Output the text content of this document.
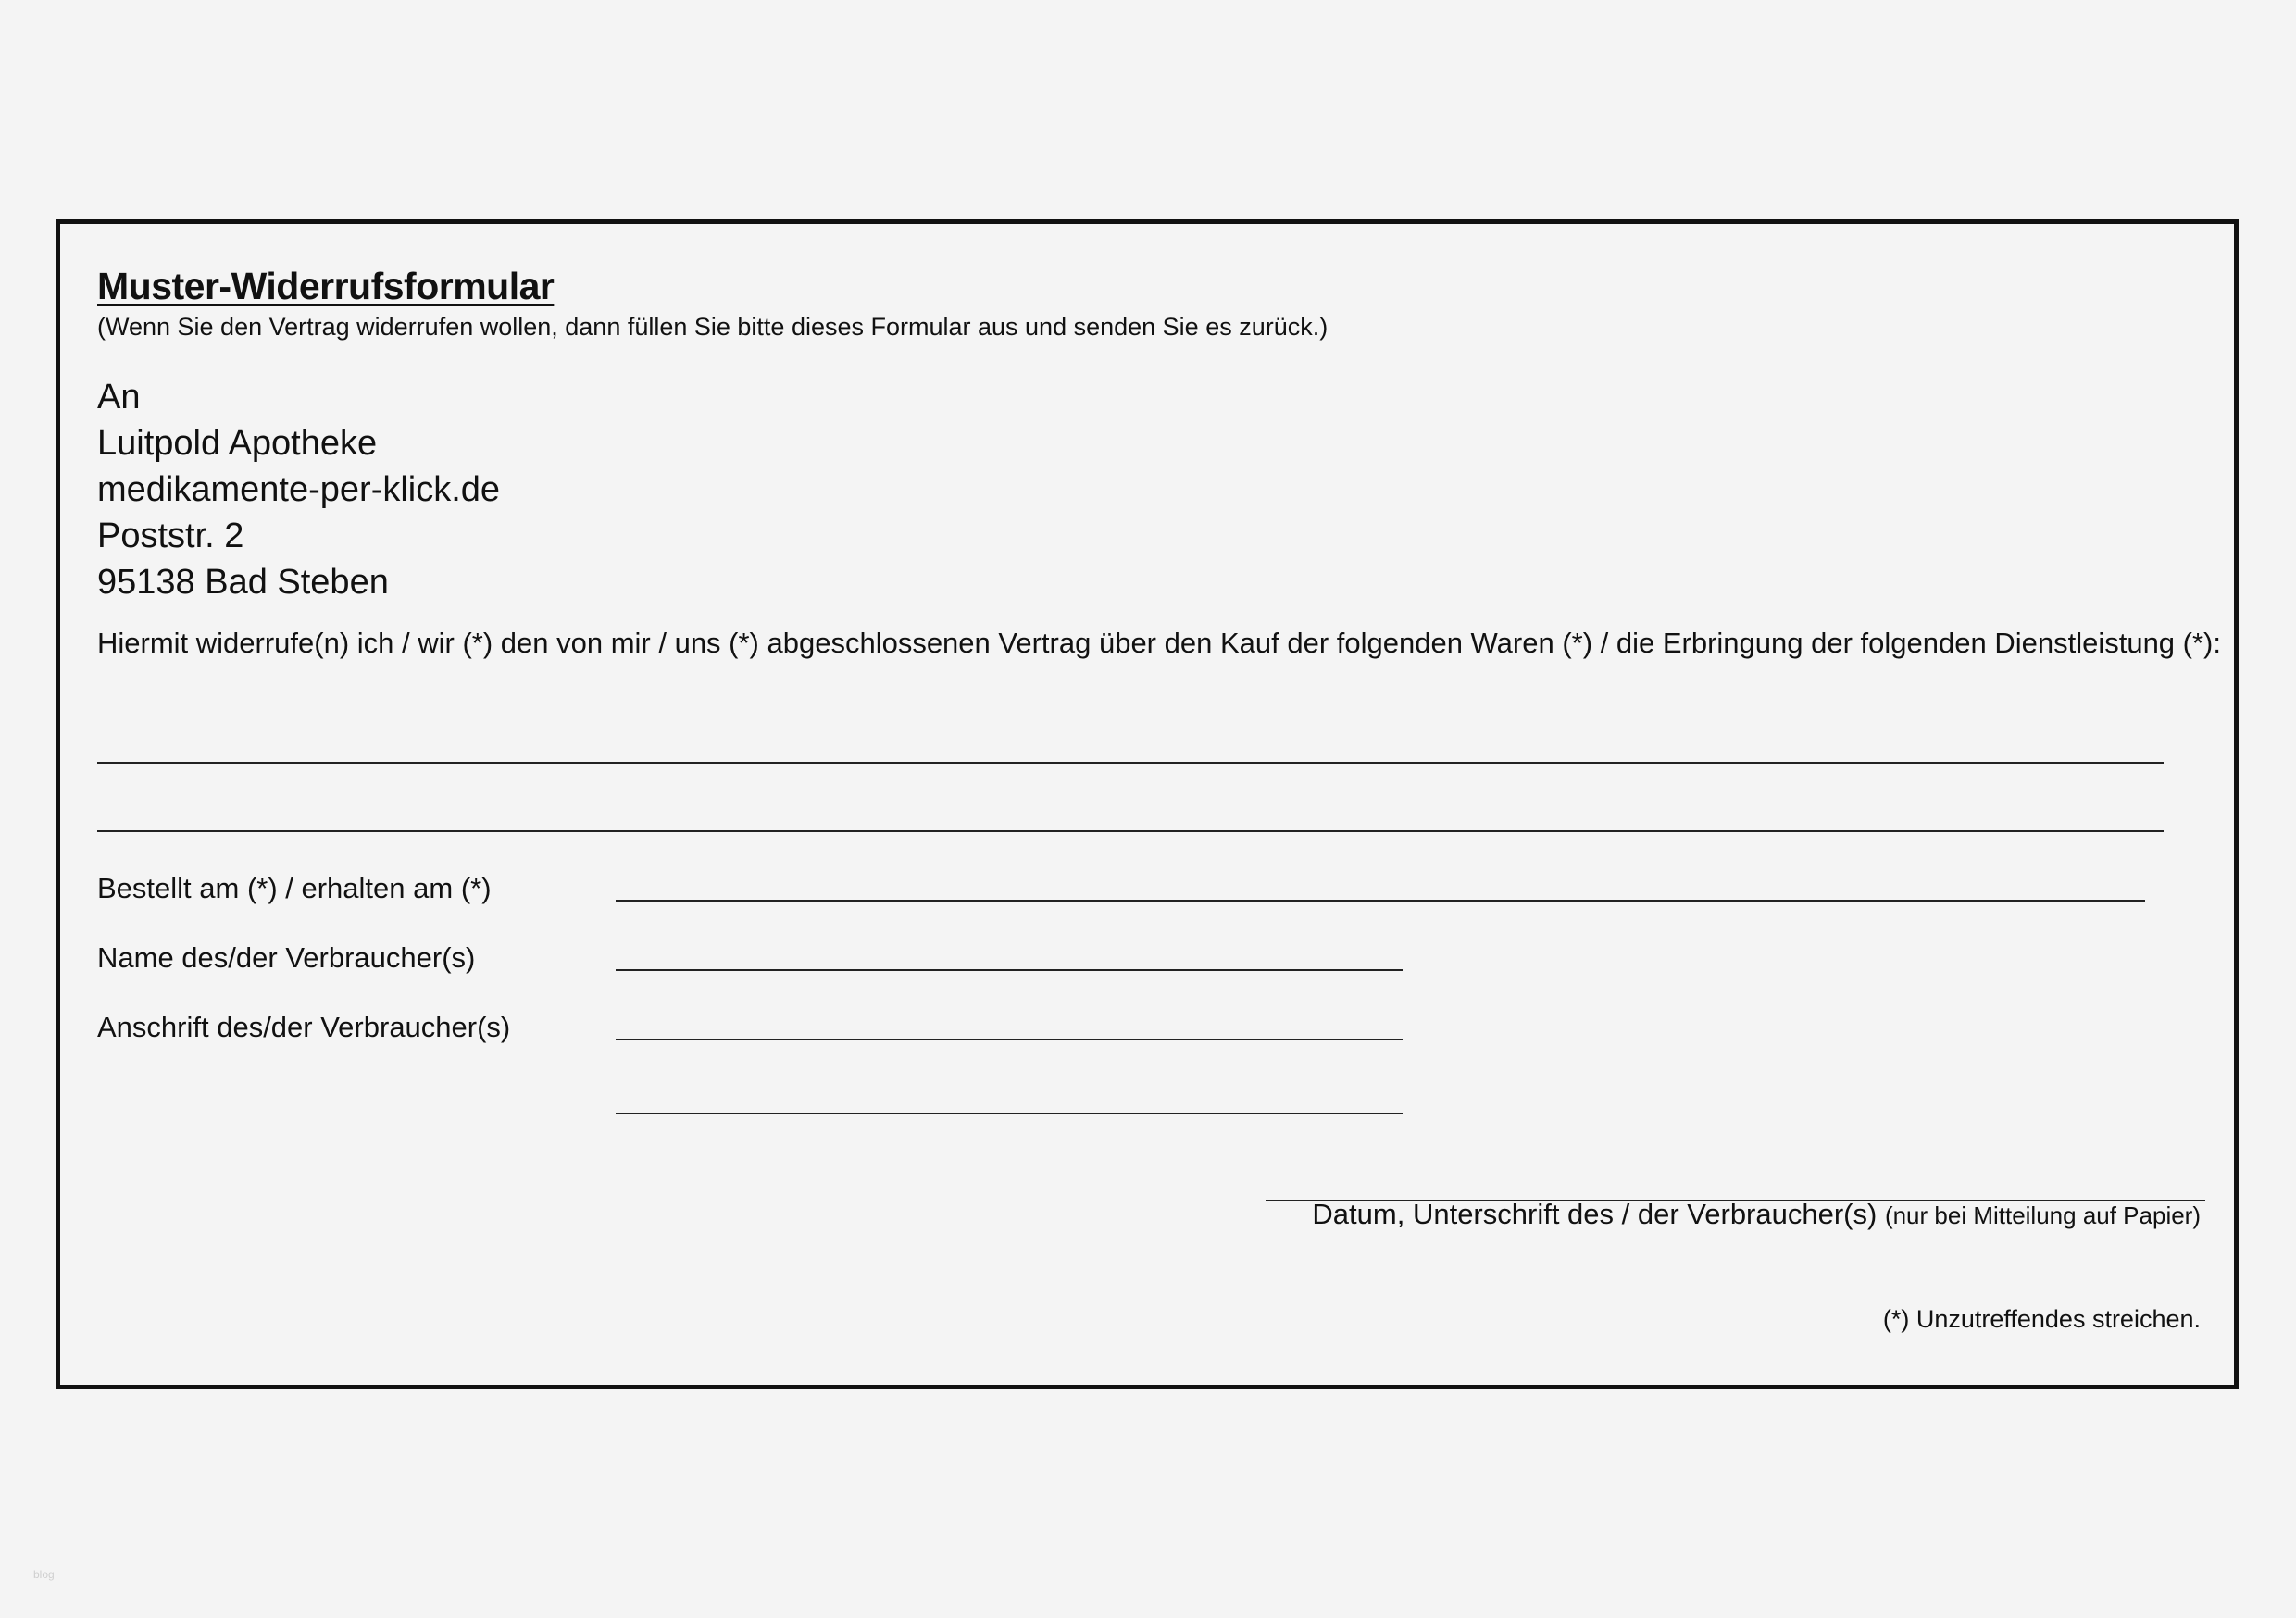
Muster-Widerrufsformular
(Wenn Sie den Vertrag widerrufen wollen, dann füllen Sie bitte dieses Formular aus und senden Sie es zurück.)
An
Luitpold Apotheke
medikamente-per-klick.de
Poststr. 2
95138 Bad Steben
Hiermit widerrufe(n) ich / wir (*) den von mir / uns (*) abgeschlossenen Vertrag über den Kauf der folgenden Waren (*) / die Erbringung der folgenden Dienstleistung (*):
Bestellt am (*) / erhalten am (*)
Name des/der Verbraucher(s)
Anschrift des/der Verbraucher(s)
Datum, Unterschrift des / der Verbraucher(s) (nur bei Mitteilung auf Papier)
(*) Unzutreffendes streichen.
blog
